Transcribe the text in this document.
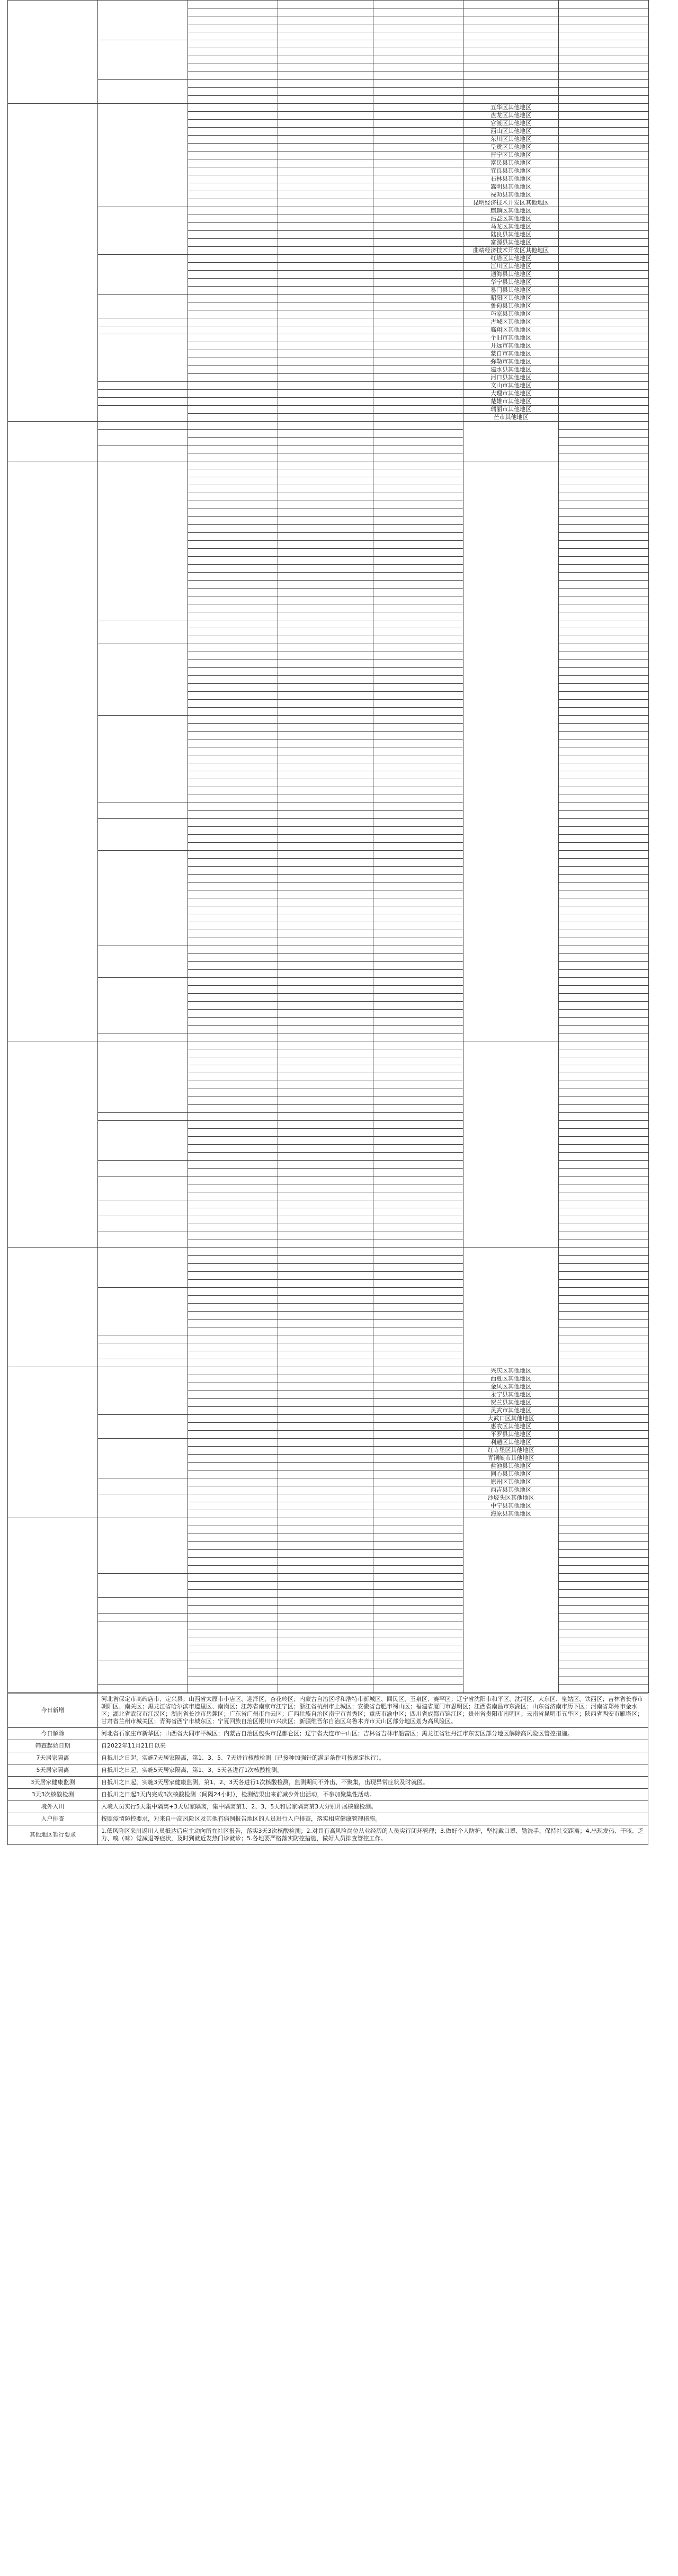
					五华区其他地区	
					盘龙区其他地区	
					官渡区其他地区	
					西山区其他地区	
					东川区其他地区	
					呈贡区其他地区	
					晋宁区其他地区	
					富民县其他地区	
					宜良县其他地区	
					石林县其他地区	
					嵩明县其他地区	
					禄劝县其他地区	
					昆明经济技术开发区其他地区	
					麒麟区其他地区	
					沾益区其他地区	
					马龙区其他地区	
					陆良县其他地区	
					富源县其他地区	
					曲靖经济技术开发区其他地区	
					红塔区其他地区	
					江川区其他地区	
					通海县其他地区	
					华宁县其他地区	
					易门县其他地区	
					昭阳区其他地区	
					鲁甸县其他地区	
					巧家县其他地区	
					古城区其他地区	
					临翔区其他地区	
					个旧市其他地区	
					开远市其他地区	
					蒙自市其他地区	
					弥勒市其他地区	
					建水县其他地区	
					河口县其他地区	
					文山市其他地区	
					大理市其他地区	
					楚雄市其他地区	
					瑞丽市其他地区	
					芒市其他地区	

					兴庆区其他地区	
					西夏区其他地区	
					金凤区其他地区	
					永宁县其他地区	
					贺兰县其他地区	
					灵武市其他地区	
					大武口区其他地区	
					惠农区其他地区	
					平罗县其他地区	
					利通区其他地区	
					红寺堡区其他地区	
					青铜峡市其他地区	
					盐池县其他地区	
					同心县其他地区	
					原州区其他地区	
					西吉县其他地区	
					沙坡头区其他地区	
					中宁县其他地区	
					海原县其他地区	

今日新增	河北省保定市高碑店市、定兴县；山西省太原市小店区、迎泽区、杏花岭区；内蒙古自治区呼和浩特市新城区、回民区、玉泉区、赛罕区；辽宁省沈阳市和平区、沈河区、大东区、皇姑区、铁西区；吉林省长春市朝阳区、南关区；黑龙江省哈尔滨市道里区、南岗区；江苏省南京市江宁区；浙江省杭州市上城区；安徽省合肥市蜀山区；福建省厦门市思明区；江西省南昌市东湖区；山东省济南市历下区；河南省郑州市金水区；湖北省武汉市江汉区；湖南省长沙市岳麓区；广东省广州市白云区；广西壮族自治区南宁市青秀区；重庆市渝中区；四川省成都市锦江区；贵州省贵阳市南明区；云南省昆明市五华区；陕西省西安市雁塔区；甘肃省兰州市城关区；青海省西宁市城东区；宁夏回族自治区银川市兴庆区；新疆维吾尔自治区乌鲁木齐市天山区部分地区划为高风险区。
今日解除	河北省石家庄市新华区；山西省大同市平城区；内蒙古自治区包头市昆都仑区；辽宁省大连市中山区；吉林省吉林市船营区；黑龙江省牡丹江市东安区部分地区解除高风险区管控措施。
筛查起始日期	自2022年11月21日以来
7天居家隔离	自抵川之日起，实施7天居家隔离，第1、3、5、7天进行核酸检测（已接种加强针的满足条件可按规定执行）。
5天居家隔离	自抵川之日起，实施5天居家隔离，第1、3、5天各进行1次核酸检测。
3天居家健康监测	自抵川之日起，实施3天居家健康监测，第1、2、3天各进行1次核酸检测，监测期间不外出、不聚集，出现异常症状及时就医。
3天3次核酸检测	自抵川之日起3天内完成3次核酸检测（间隔24小时），检测结果出来前减少外出活动，不参加聚集性活动。
境外入川	入境人员实行5天集中隔离+3天居家隔离，集中隔离第1、2、3、5天和居家隔离第3天分别开展核酸检测。
入户排查	按照疫情防控要求，对来自中高风险区及其他有病例报告地区的人员进行入户排查，落实相应健康管理措施。
其他地区暂行要求	1.低风险区来川返川人员抵达后应主动向所在社区报告，落实3天3次核酸检测；2.对具有高风险岗位从业经历的人员实行闭环管理；3.做好个人防护，坚持戴口罩、勤洗手、保持社交距离；4.出现发热、干咳、乏力、嗅（味）觉减退等症状，及时到就近发热门诊就诊；5.各地要严格落实防控措施，做好人员排查管控工作。
